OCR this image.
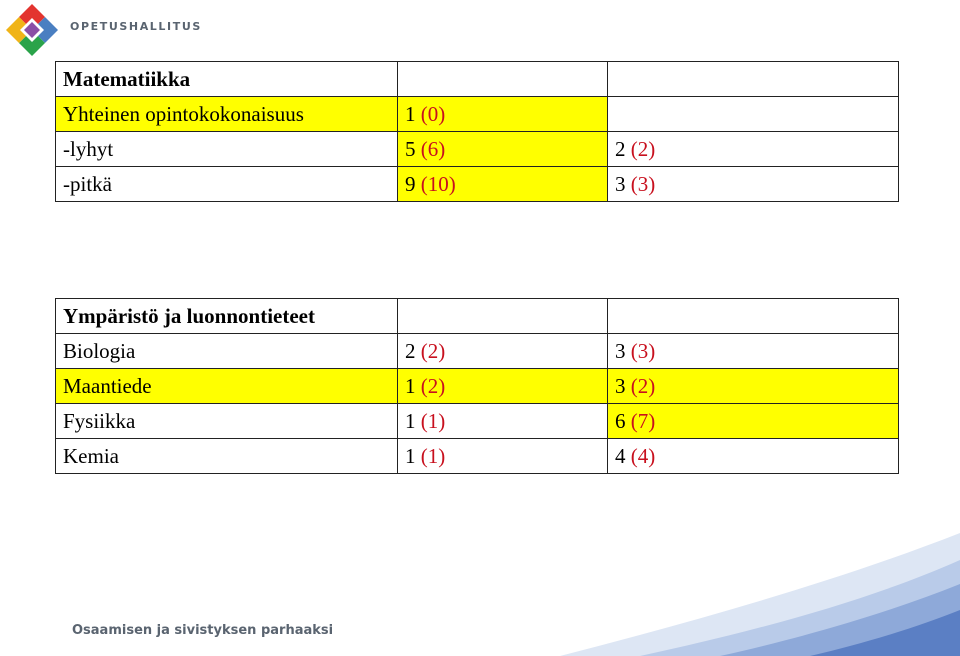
OPETUSHALLITUS
Matematiikka		
Yhteinen opintokokonaisuus	1 (0)	
-lyhyt	5 (6)	2 (2)
-pitkä	9 (10)	3 (3)
Ympäristö ja luonnontieteet		
Biologia	2 (2)	3 (3)
Maantiede	1 (2)	3 (2)
Fysiikka	1 (1)	6 (7)
Kemia	1 (1)	4 (4)
Osaamisen ja sivistyksen parhaaksi
